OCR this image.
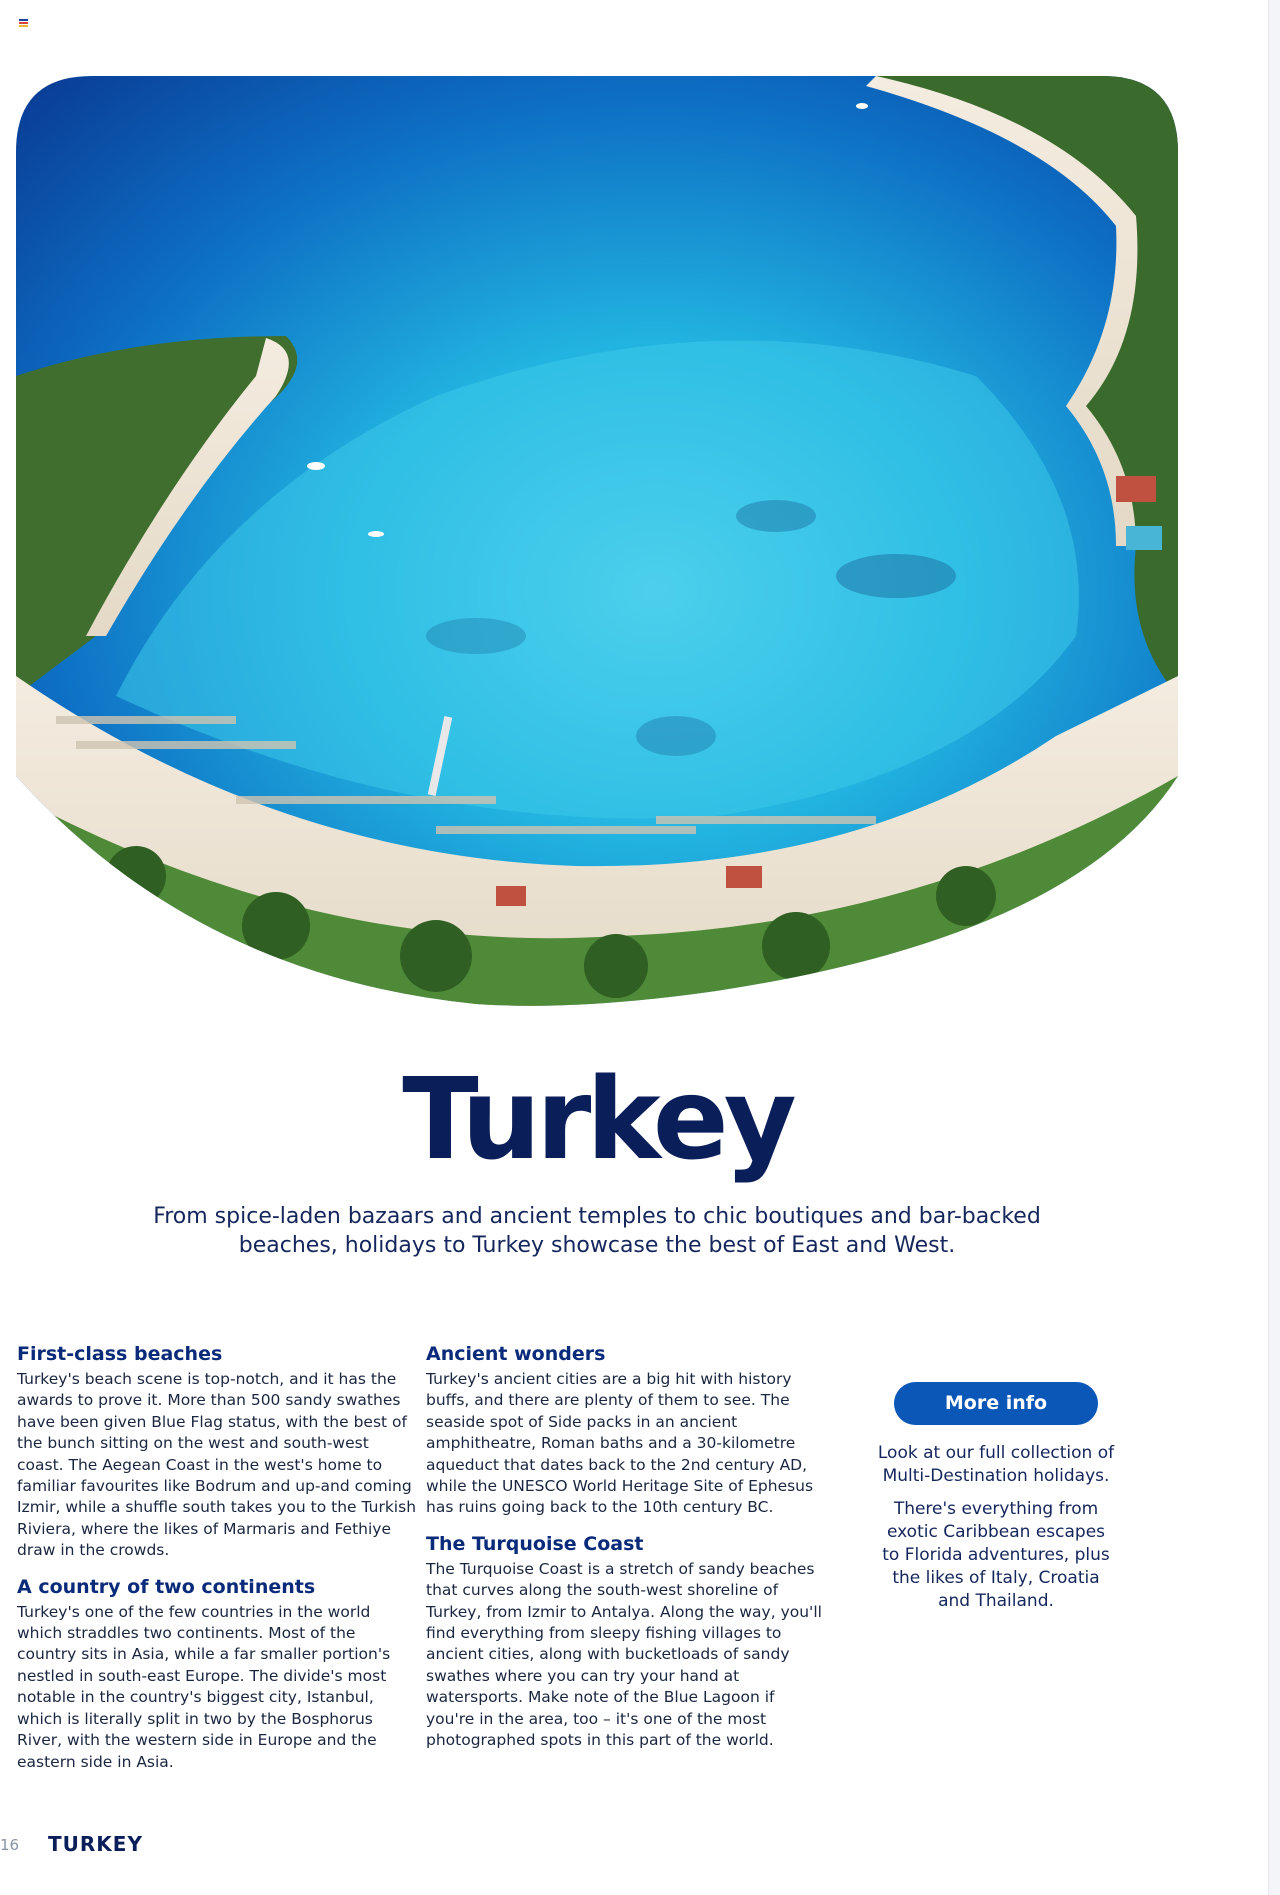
Turkey

From spice-laden bazaars and ancient temples to chic boutiques and bar-backed beaches, holidays to Turkey showcase the best of East and West.

First-class beaches

Turkey's beach scene is top-notch, and it has the awards to prove it. More than 500 sandy swathes have been given Blue Flag status, with the best of the bunch sitting on the west and south-west coast. The Aegean Coast in the west's home to familiar favourites like Bodrum and up-and coming Izmir, while a shuffle south takes you to the Turkish Riviera, where the likes of Marmaris and Fethiye draw in the crowds.

A country of two continents

Turkey's one of the few countries in the world which straddles two continents. Most of the country sits in Asia, while a far smaller portion's nestled in south-east Europe. The divide's most notable in the country's biggest city, Istanbul, which is literally split in two by the Bosphorus River, with the western side in Europe and the eastern side in Asia.

Ancient wonders

Turkey's ancient cities are a big hit with history buffs, and there are plenty of them to see. The seaside spot of Side packs in an ancient amphitheatre, Roman baths and a 30-kilometre aqueduct that dates back to the 2nd century AD, while the UNESCO World Heritage Site of Ephesus has ruins going back to the 10th century BC.

The Turquoise Coast

The Turquoise Coast is a stretch of sandy beaches that curves along the south-west shoreline of Turkey, from Izmir to Antalya. Along the way, you'll find everything from sleepy fishing villages to ancient cities, along with bucketloads of sandy swathes where you can try your hand at watersports. Make note of the Blue Lagoon if you're in the area, too – it's one of the most photographed spots in this part of the world.

More info

Look at our full collection of Multi-Destination holidays.

There's everything from exotic Caribbean escapes to Florida adventures, plus the likes of Italy, Croatia and Thailand.

16 TURKEY
